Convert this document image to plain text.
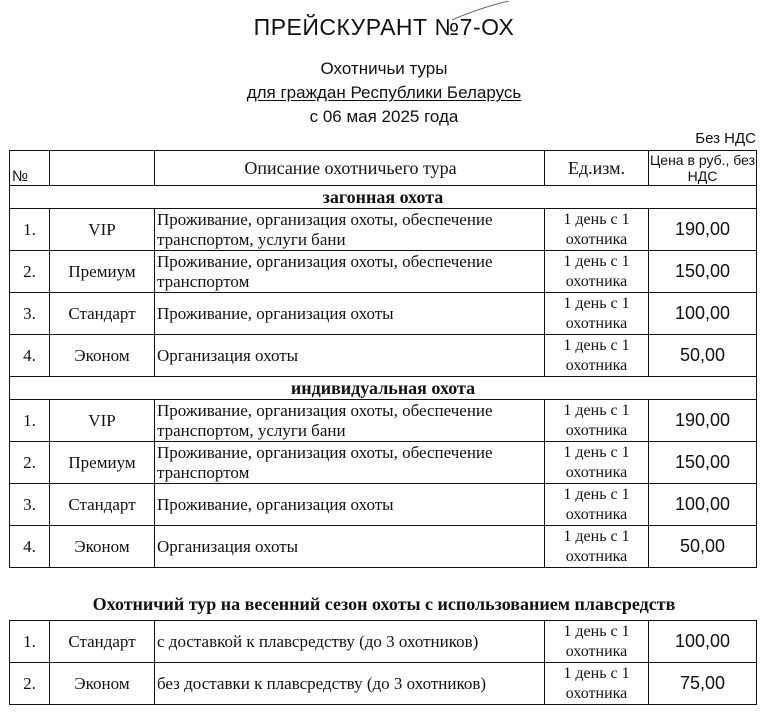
ПРЕЙСКУРАНТ №7-ОХ
Охотничьи туры
для граждан Республики Беларусь
с 06 мая 2025 года
Без НДС
№		Описание охотничьего тура	Ед.изм.	Цена в руб., без НДС
загонная охота				
1.	VIP	Проживание, организация охоты, обеспечение транспортом, услуги бани	1 день с 1 охотника	190,00
2.	Премиум	Проживание, организация охоты, обеспечение транспортом	1 день с 1 охотника	150,00
3.	Стандарт	Проживание, организация охоты	1 день с 1 охотника	100,00
4.	Эконом	Организация охоты	1 день с 1 охотника	50,00
индивидуальная охота				
1.	VIP	Проживание, организация охоты, обеспечение транспортом, услуги бани	1 день с 1 охотника	190,00
2.	Премиум	Проживание, организация охоты, обеспечение транспортом	1 день с 1 охотника	150,00
3.	Стандарт	Проживание, организация охоты	1 день с 1 охотника	100,00
4.	Эконом	Организация охоты	1 день с 1 охотника	50,00
Охотничий тур на весенний сезон охоты с использованием плавсредств
1.	Стандарт	с доставкой к плавсредству (до 3 охотников)	1 день с 1 охотника	100,00
2.	Эконом	без доставки к плавсредству (до 3 охотников)	1 день с 1 охотника	75,00
